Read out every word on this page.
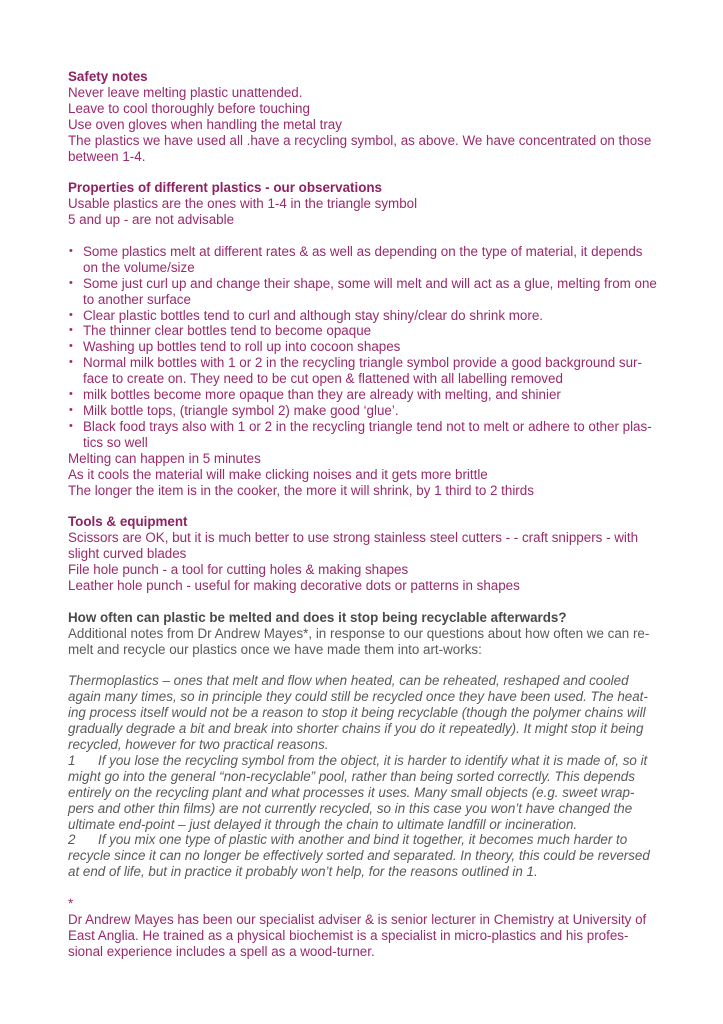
Safety notes

Never leave melting plastic unattended.

Leave to cool thoroughly before touching

Use oven gloves when handling the metal tray

The plastics we have used all .have a recycling symbol, as above. We have concentrated on those between 1-4.

Properties of different plastics - our observations

Usable plastics are the ones with 1-4 in the triangle symbol

5 and up - are not advisable

• Some plastics melt at different rates & as well as depending on the type of material, it depends on the volume/size
• Some just curl up and change their shape, some will melt and will act as a glue, melting from one to another surface
• Clear plastic bottles tend to curl and although stay shiny/clear do shrink more.
• The thinner clear bottles tend to become opaque
• Washing up bottles tend to roll up into cocoon shapes
• Normal milk bottles with 1 or 2 in the recycling triangle symbol provide a good background sur-face to create on. They need to be cut open & flattened with all labelling removed
• milk bottles become more opaque than they are already with melting, and shinier
• Milk bottle tops, (triangle symbol 2) make good ‘glue’.
• Black food trays also with 1 or 2 in the recycling triangle tend not to melt or adhere to other plas-tics so well

Melting can happen in 5 minutes

As it cools the material will make clicking noises and it gets more brittle

The longer the item is in the cooker, the more it will shrink, by 1 third to 2 thirds

Tools & equipment

Scissors are OK, but it is much better to use strong stainless steel cutters - - craft snippers - with slight curved blades

File hole punch - a tool for cutting holes & making shapes

Leather hole punch - useful for making decorative dots or patterns in shapes

How often can plastic be melted and does it stop being recyclable afterwards?

Additional notes from Dr Andrew Mayes*, in response to our questions about how often we can re-melt and recycle our plastics once we have made them into art-works:

Thermoplastics – ones that melt and flow when heated, can be reheated, reshaped and cooled again many times, so in principle they could still be recycled once they have been used. The heat-ing process itself would not be a reason to stop it being recyclable (though the polymer chains will gradually degrade a bit and break into shorter chains if you do it repeatedly). It might stop it being recycled, however for two practical reasons.

1 If you lose the recycling symbol from the object, it is harder to identify what it is made of, so it might go into the general “non-recyclable” pool, rather than being sorted correctly. This depends entirely on the recycling plant and what processes it uses. Many small objects (e.g. sweet wrap-pers and other thin films) are not currently recycled, so in this case you won’t have changed the ultimate end-point – just delayed it through the chain to ultimate landfill or incineration.

2 If you mix one type of plastic with another and bind it together, it becomes much harder to recycle since it can no longer be effectively sorted and separated. In theory, this could be reversed at end of life, but in practice it probably won’t help, for the reasons outlined in 1.

*

Dr Andrew Mayes has been our specialist adviser & is senior lecturer in Chemistry at University of East Anglia. He trained as a physical biochemist is a specialist in micro-plastics and his profes-sional experience includes a spell as a wood-turner.
